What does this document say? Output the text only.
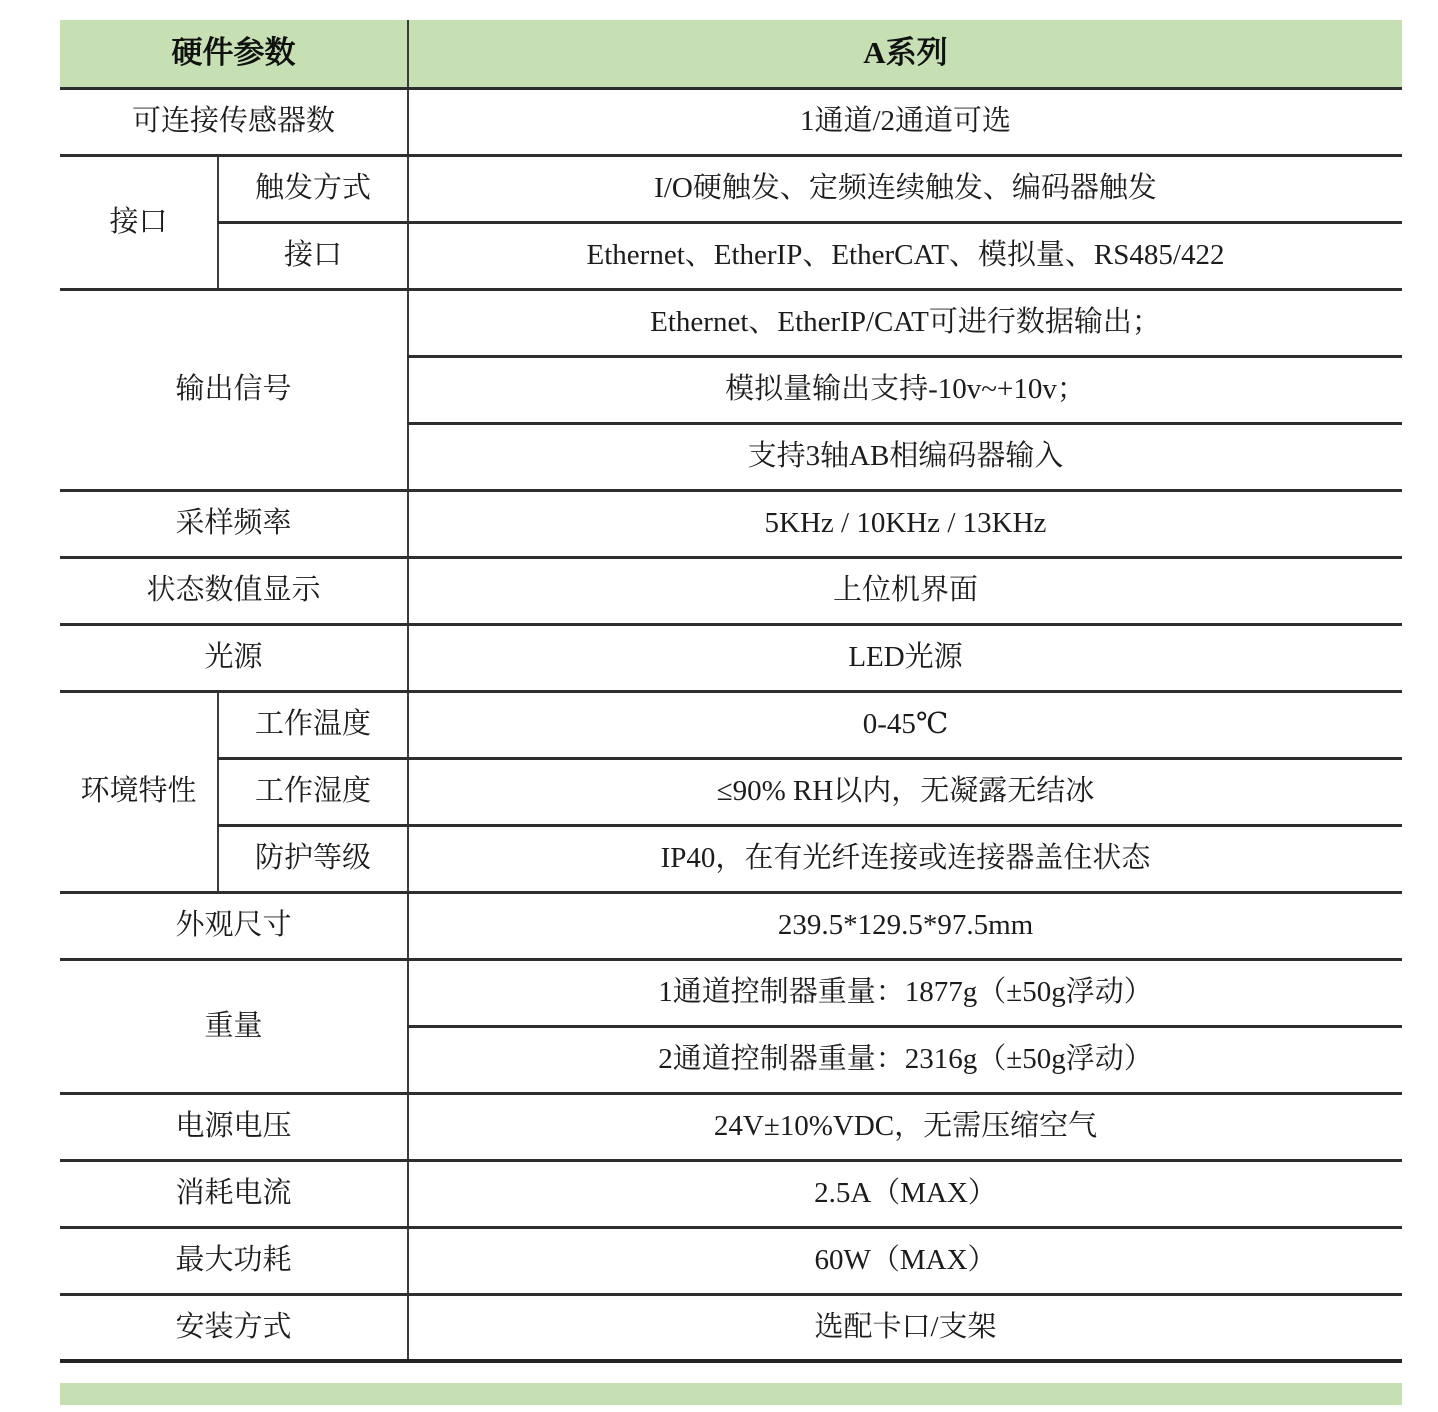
硬件参数		A系列
可连接传感器数		1通道/2通道可选
接口	触发方式	I/O硬触发、定频连续触发、编码器触发
	接口	Ethernet、EtherIP、EtherCAT、模拟量、RS485/422
输出信号		Ethernet、EtherIP/CAT可进行数据输出；
		模拟量输出支持-10v~+10v；
		支持3轴AB相编码器输入
采样频率		5KHz / 10KHz / 13KHz
状态数值显示		上位机界面
光源		LED光源
环境特性	工作温度	0-45℃
	工作湿度	≤90% RH以内，无凝露无结冰
	防护等级	IP40，在有光纤连接或连接器盖住状态
外观尺寸		239.5*129.5*97.5mm
重量		1通道控制器重量：1877g（±50g浮动）
		2通道控制器重量：2316g（±50g浮动）
电源电压		24V±10%VDC，无需压缩空气
消耗电流		2.5A（MAX）
最大功耗		60W（MAX）
安装方式		选配卡口/支架
